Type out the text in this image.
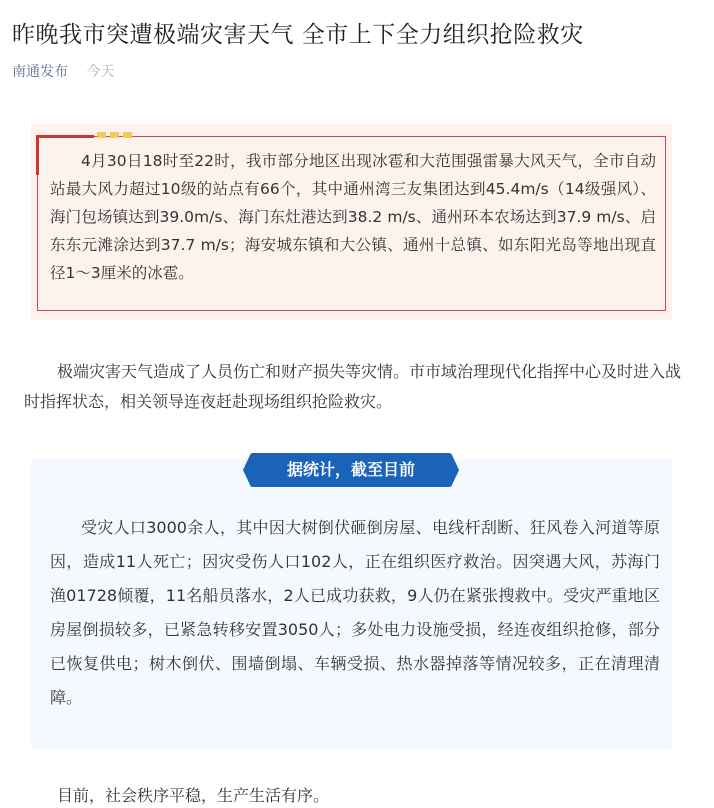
昨晚我市突遭极端灾害天气 全市上下全力组织抢险救灾
南通发布 今天
4月30日18时至22时，我市部分地区出现冰雹和大范围强雷暴大风天气，全市自动站最大风力超过10级的站点有66个，其中通州湾三友集团达到45.4m/s（14级强风）、海门包场镇达到39.0m/s、海门东灶港达到38.2 m/s、通州环本农场达到37.9 m/s、启东东元滩涂达到37.7 m/s；海安城东镇和大公镇、通州十总镇、如东阳光岛等地出现直径1～3厘米的冰雹。
极端灾害天气造成了人员伤亡和财产损失等灾情。市市域治理现代化指挥中心及时进入战时指挥状态，相关领导连夜赶赴现场组织抢险救灾。
据统计，截至目前
受灾人口3000余人，其中因大树倒伏砸倒房屋、电线杆刮断、狂风卷入河道等原因，造成11人死亡；因灾受伤人口102人，正在组织医疗救治。因突遇大风，苏海门渔01728倾覆，11名船员落水，2人已成功获救，9人仍在紧张搜救中。受灾严重地区房屋倒损较多，已紧急转移安置3050人；多处电力设施受损，经连夜组织抢修，部分已恢复供电；树木倒伏、围墙倒塌、车辆受损、热水器掉落等情况较多，正在清理清障。
目前，社会秩序平稳，生产生活有序。
